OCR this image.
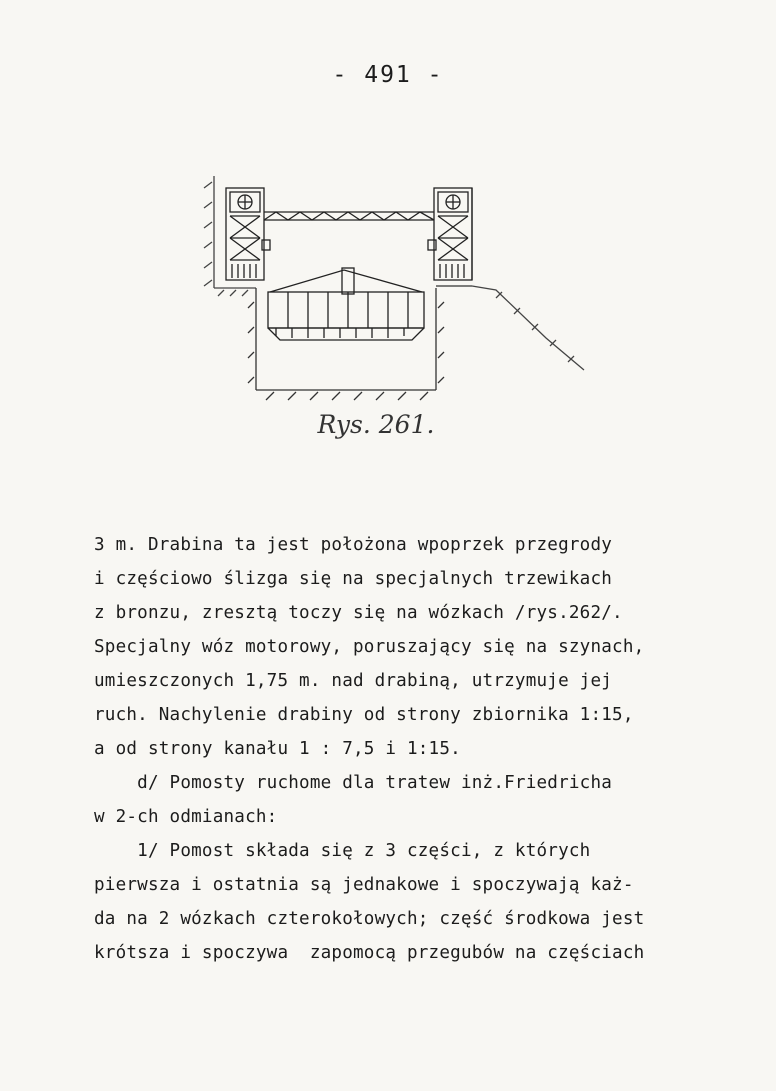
- 491 -
Rys. 261.
3 m. Drabina ta jest położona wpoprzek przegrody
i częściowo ślizga się na specjalnych trzewikach
z bronzu, zresztą toczy się na wózkach /rys.262/.
Specjalny wóz motorowy, poruszający się na szynach,
umieszczonych 1,75 m. nad drabiną, utrzymuje jej
ruch. Nachylenie drabiny od strony zbiornika 1:15,
a od strony kanału 1 : 7,5 i 1:15.
d/ Pomosty ruchome dla tratew inż.Friedricha
w 2-ch odmianach:
1/ Pomost składa się z 3 części, z których
pierwsza i ostatnia są jednakowe i spoczywają każ-
da na 2 wózkach czterokołowych; część środkowa jest
krótsza i spoczywa  zapomocą przegubów na częściach
